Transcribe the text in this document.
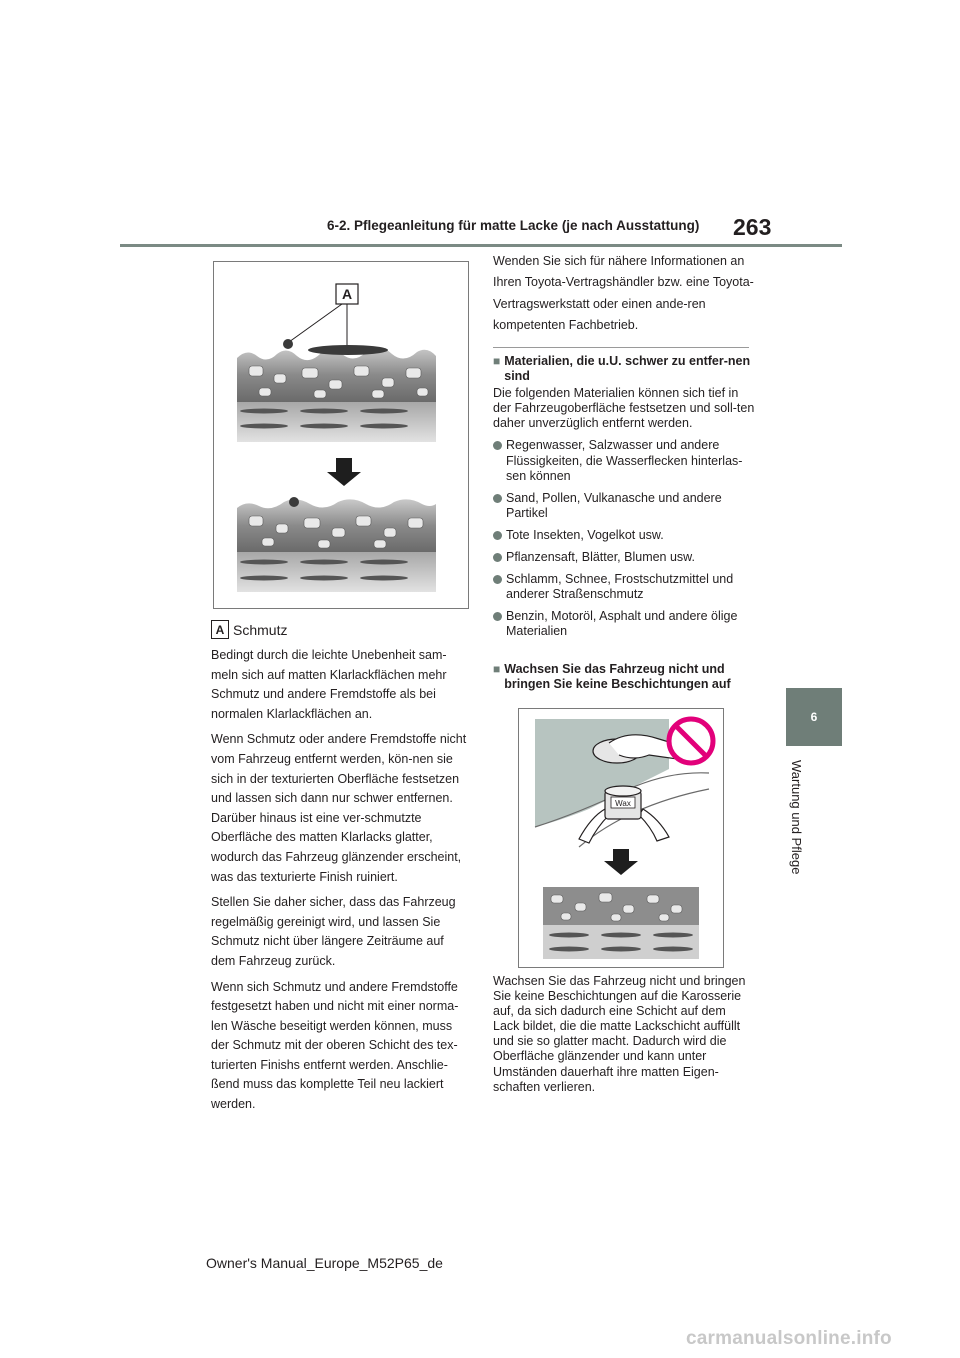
6-2. Pflegeanleitung für matte Lacke (je nach Ausstattung)	263
6
Wartung und Pflege
A
A Schmutz

Bedingt durch die leichte Unebenheit sam-meln sich auf matten Klarlackflächen mehr Schmutz und andere Fremdstoffe als bei normalen Klarlackflächen an.

Wenn Schmutz oder andere Fremdstoffe nicht vom Fahrzeug entfernt werden, kön-nen sie sich in der texturierten Oberfläche festsetzen und lassen sich dann nur schwer entfernen. Darüber hinaus ist eine ver-schmutzte Oberfläche des matten Klarlacks glatter, wodurch das Fahrzeug glänzender erscheint, was das texturierte Finish ruiniert.

Stellen Sie daher sicher, dass das Fahrzeug regelmäßig gereinigt wird, und lassen Sie Schmutz nicht über längere Zeiträume auf dem Fahrzeug zurück.

Wenn sich Schmutz und andere Fremdstoffe festgesetzt haben und nicht mit einer norma-len Wäsche beseitigt werden können, muss der Schmutz mit der oberen Schicht des tex-turierten Finishs entfernt werden. Anschlie-ßend muss das komplette Teil neu lackiert werden.

Wenden Sie sich für nähere Informationen an Ihren Toyota-Vertragshändler bzw. eine Toyota-Vertragswerkstatt oder einen ande-ren kompetenten Fachbetrieb.

■ Materialien, die u.U. schwer zu entfer-nen sind

Die folgenden Materialien können sich tief in der Fahrzeugoberfläche festsetzen und soll-ten daher unverzüglich entfernt werden.

Regenwasser, Salzwasser und andere Flüssigkeiten, die Wasserflecken hinterlas-sen können
Sand, Pollen, Vulkanasche und andere Partikel
Tote Insekten, Vogelkot usw.
Pflanzensaft, Blätter, Blumen usw.
Schlamm, Schnee, Frostschutzmittel und anderer Straßenschmutz
Benzin, Motoröl, Asphalt und andere ölige Materialien
■ Wachsen Sie das Fahrzeug nicht und bringen Sie keine Beschichtungen auf
Wax

Wachsen Sie das Fahrzeug nicht und bringen Sie keine Beschichtungen auf die Karosserie auf, da sich dadurch eine Schicht auf dem Lack bildet, die die matte Lackschicht auffüllt und sie so glatter macht. Dadurch wird die Oberfläche glänzender und kann unter Umständen dauerhaft ihre matten Eigen-schaften verlieren.

Owner's Manual_Europe_M52P65_de
carmanualsonline.info
